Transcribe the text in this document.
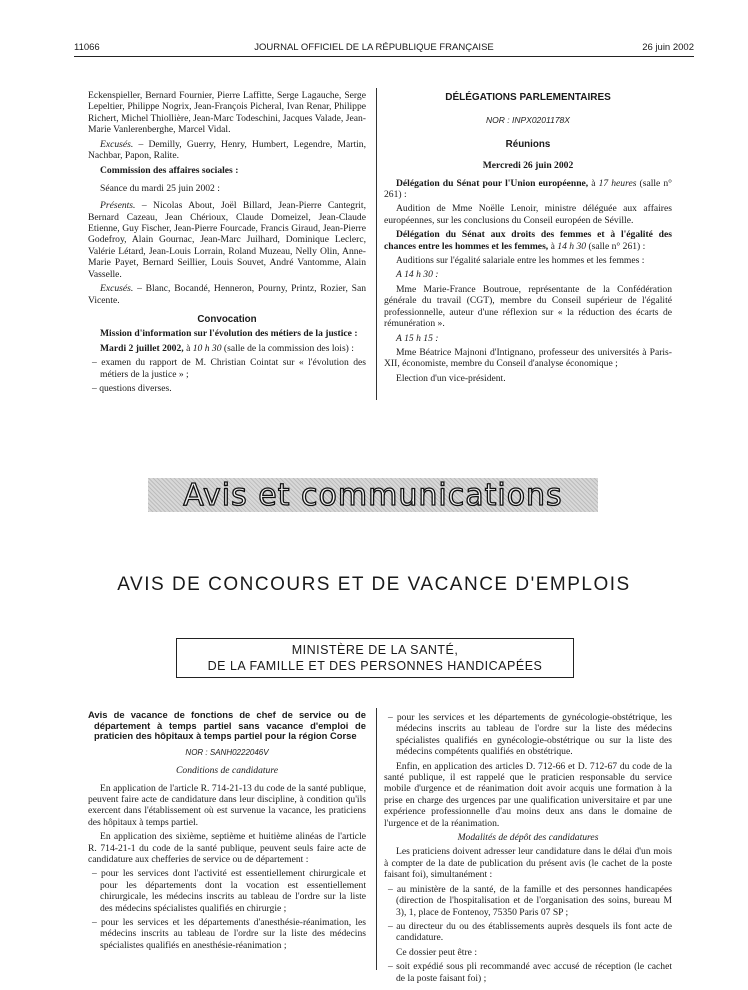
11066	JOURNAL OFFICIEL DE LA RÉPUBLIQUE FRANÇAISE	26 juin 2002

Eckenspieller, Bernard Fournier, Pierre Laffitte, Serge Lagauche, Serge Lepeltier, Philippe Nogrix, Jean-François Picheral, Ivan Renar, Philippe Richert, Michel Thiollière, Jean-Marc Todeschini, Jacques Valade, Jean-Marie Vanlerenberghe, Marcel Vidal.

Excusés. – Demilly, Guerry, Henry, Humbert, Legendre, Martin, Nachbar, Papon, Ralite.

Commission des affaires sociales :

Séance du mardi 25 juin 2002 :

Présents. – Nicolas About, Joël Billard, Jean-Pierre Cantegrit, Bernard Cazeau, Jean Chérioux, Claude Domeizel, Jean-Claude Etienne, Guy Fischer, Jean-Pierre Fourcade, Francis Giraud, Jean-Pierre Godefroy, Alain Gournac, Jean-Marc Juilhard, Dominique Leclerc, Valérie Létard, Jean-Louis Lorrain, Roland Muzeau, Nelly Olin, Anne-Marie Payet, Bernard Seillier, Louis Souvet, André Vantomme, Alain Vasselle.

Excusés. – Blanc, Bocandé, Henneron, Pourny, Printz, Rozier, San Vicente.

Convocation

Mission d'information sur l'évolution des métiers de la justice :

Mardi 2 juillet 2002, à 10 h 30 (salle de la commission des lois) :

– examen du rapport de M. Christian Cointat sur « l'évolution des métiers de la justice » ;

– questions diverses.

DÉLÉGATIONS PARLEMENTAIRES

NOR : INPX0201178X

Réunions

Mercredi 26 juin 2002

Délégation du Sénat pour l'Union européenne, à 17 heures (salle n° 261) :

Audition de Mme Noëlle Lenoir, ministre déléguée aux affaires européennes, sur les conclusions du Conseil européen de Séville.

Délégation du Sénat aux droits des femmes et à l'égalité des chances entre les hommes et les femmes, à 14 h 30 (salle n° 261) :

Auditions sur l'égalité salariale entre les hommes et les femmes :

A 14 h 30 :

Mme Marie-France Boutroue, représentante de la Confédération générale du travail (CGT), membre du Conseil supérieur de l'égalité professionnelle, auteur d'une réflexion sur « la réduction des écarts de rémunération ».

A 15 h 15 :

Mme Béatrice Majnoni d'Intignano, professeur des universités à Paris-XII, économiste, membre du Conseil d'analyse économique ;

Election d'un vice-président.

Avis et communications
AVIS DE CONCOURS ET DE VACANCE D'EMPLOIS
MINISTÈRE DE LA SANTÉ,
DE LA FAMILLE ET DES PERSONNES HANDICAPÉES

Avis de vacance de fonctions de chef de service ou de département à temps partiel sans vacance d'emploi de praticien des hôpitaux à temps partiel pour la région Corse

NOR : SANH0222046V

Conditions de candidature

En application de l'article R. 714-21-13 du code de la santé publique, peuvent faire acte de candidature dans leur discipline, à condition qu'ils exercent dans l'établissement où est survenue la vacance, les praticiens des hôpitaux à temps partiel.

En application des sixième, septième et huitième alinéas de l'article R. 714-21-1 du code de la santé publique, peuvent seuls faire acte de candidature aux chefferies de service ou de département :

– pour les services dont l'activité est essentiellement chirurgicale et pour les départements dont la vocation est essentiellement chirurgicale, les médecins inscrits au tableau de l'ordre sur la liste des médecins spécialistes qualifiés en chirurgie ;

– pour les services et les départements d'anesthésie-réanimation, les médecins inscrits au tableau de l'ordre sur la liste des médecins spécialistes qualifiés en anesthésie-réanimation ;

– pour les services et les départements de gynécologie-obstétrique, les médecins inscrits au tableau de l'ordre sur la liste des médecins spécialistes qualifiés en gynécologie-obstétrique ou sur la liste des médecins compétents qualifiés en obstétrique.

Enfin, en application des articles D. 712-66 et D. 712-67 du code de la santé publique, il est rappelé que le praticien responsable du service mobile d'urgence et de réanimation doit avoir acquis une formation à la prise en charge des urgences par une qualification universitaire et par une expérience professionnelle d'au moins deux ans dans le domaine de l'urgence et de la réanimation.

Modalités de dépôt des candidatures

Les praticiens doivent adresser leur candidature dans le délai d'un mois à compter de la date de publication du présent avis (le cachet de la poste faisant foi), simultanément :

– au ministère de la santé, de la famille et des personnes handicapées (direction de l'hospitalisation et de l'organisation des soins, bureau M 3), 1, place de Fontenoy, 75350 Paris 07 SP ;

– au directeur du ou des établissements auprès desquels ils font acte de candidature.

Ce dossier peut être :

– soit expédié sous pli recommandé avec accusé de réception (le cachet de la poste faisant foi) ;
